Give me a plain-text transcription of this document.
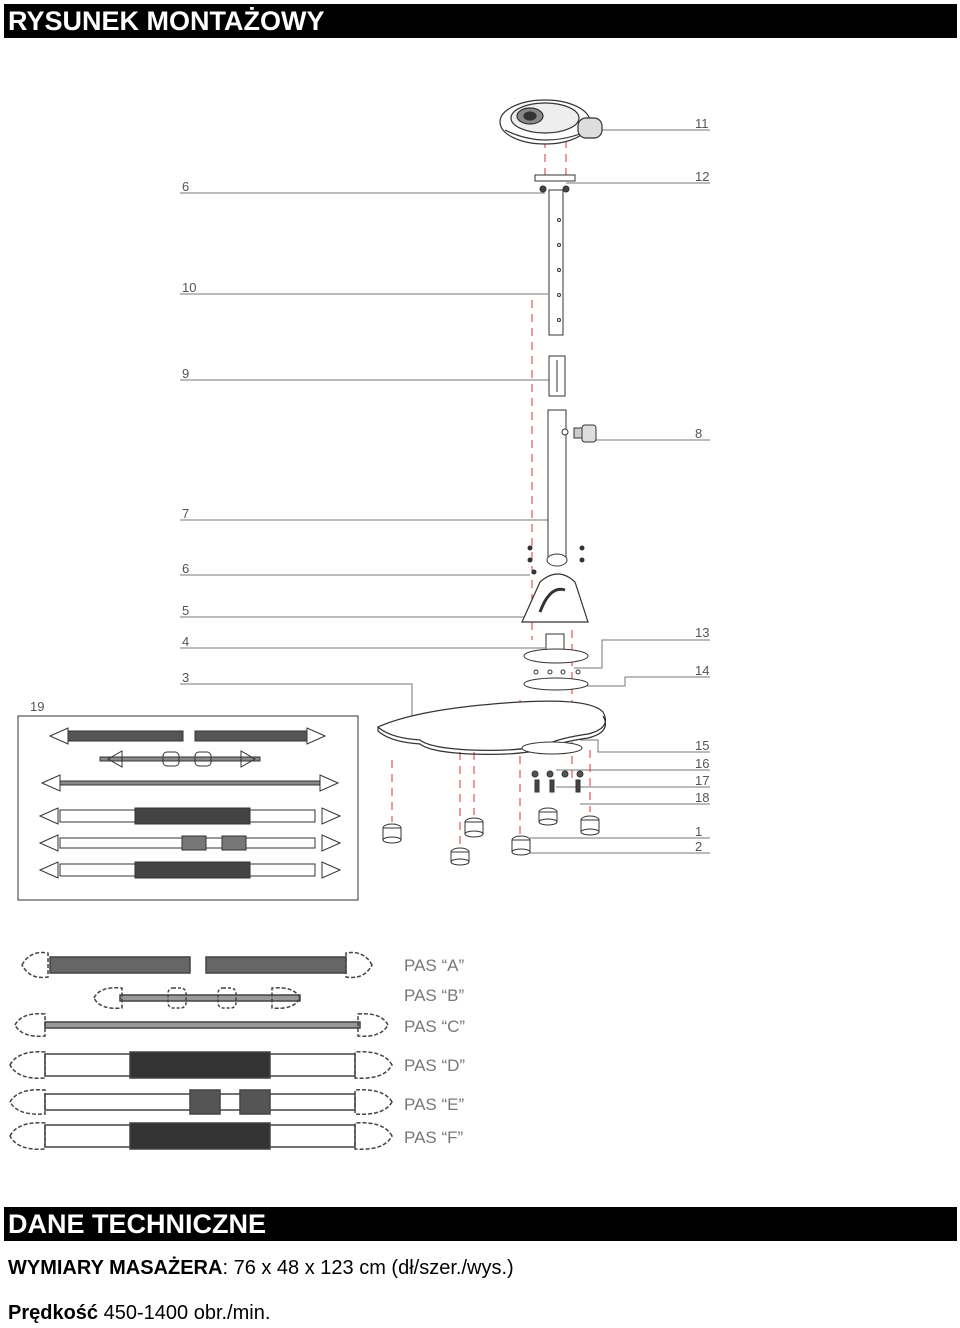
RYSUNEK MONTAŻOWY
11
12
6
10
9
8
7
6
5
4
13
3	14
19
15
16
17
18
1
2
PAS “A”
PAS “B”
PAS “C”
PAS “D”
PAS “E”
PAS “F”
DANE TECHNICZNE
WYMIARY MASAŻERA: 76 x 48 x 123 cm (dł/szer./wys.)
Prędkość 450-1400 obr./min.
